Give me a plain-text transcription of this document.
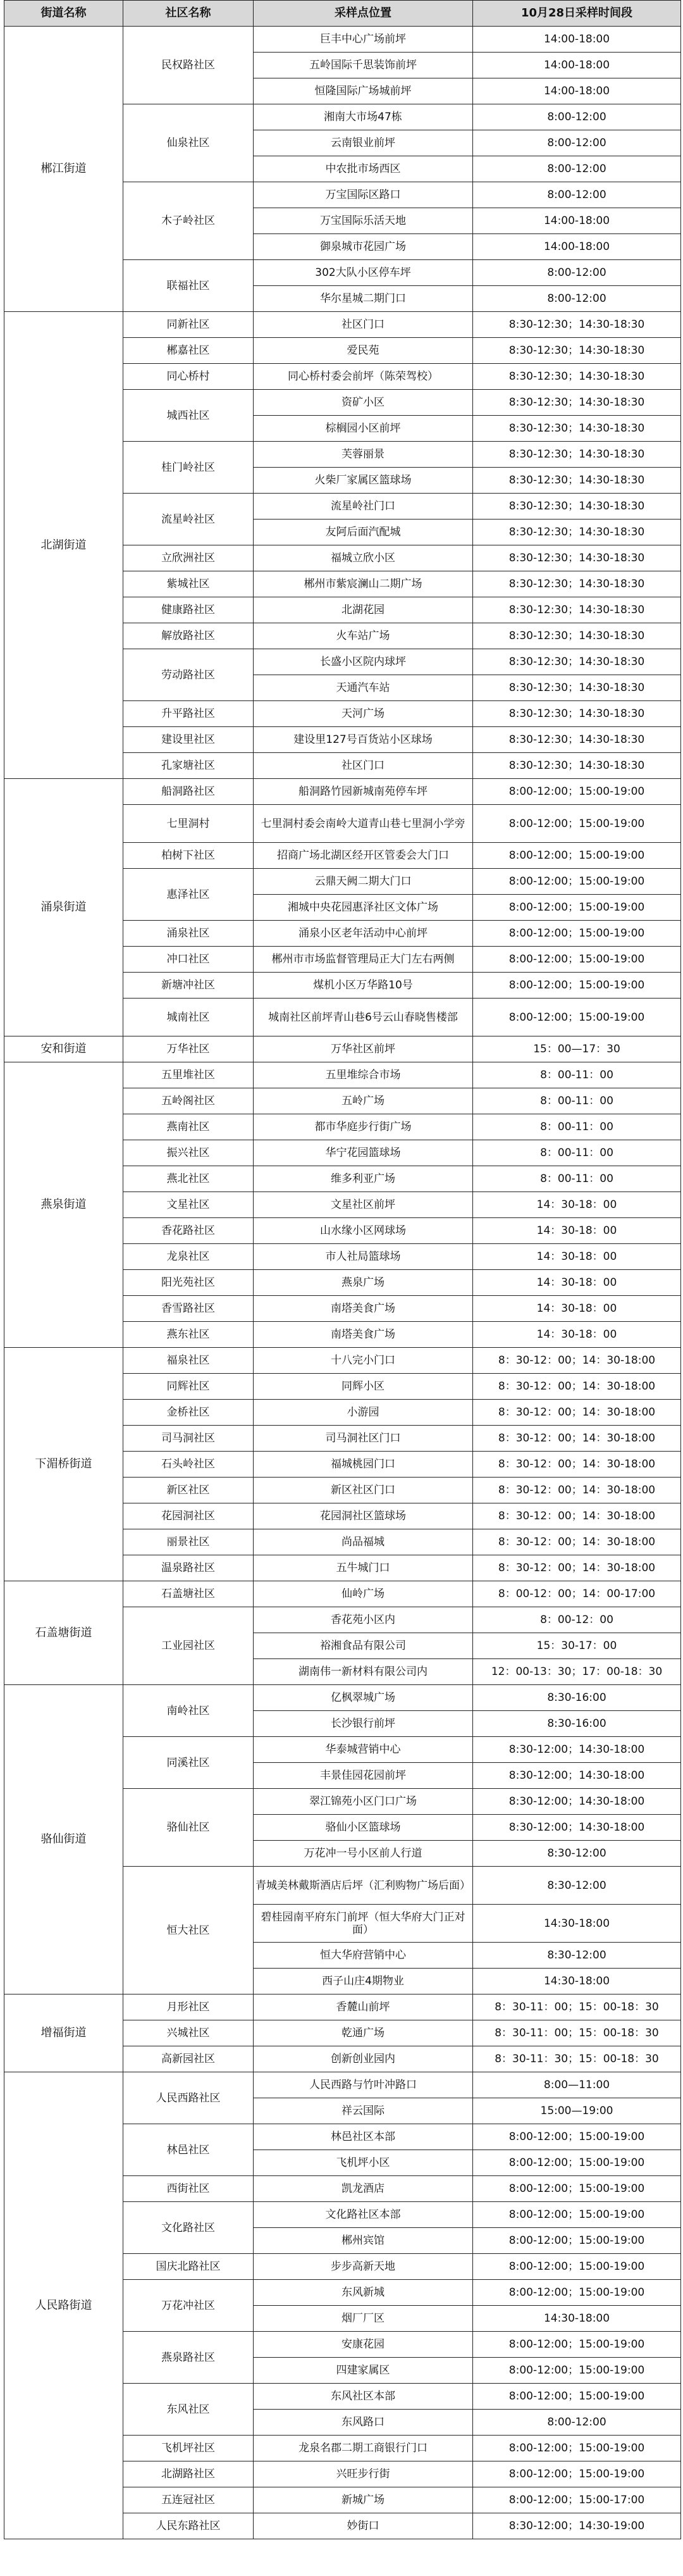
街道名称	社区名称	采样点位置	10月28日采样时间段
郴江街道	民权路社区	巨丰中心广场前坪	14:00-18:00
		五岭国际千思装饰前坪	14:00-18:00
		恒隆国际广场城前坪	14:00-18:00
	仙泉社区	湘南大市场47栋	8:00-12:00
		云南银业前坪	8:00-12:00
		中农批市场西区	8:00-12:00
	木子岭社区	万宝国际区路口	8:00-12:00
		万宝国际乐活天地	14:00-18:00
		御泉城市花园广场	14:00-18:00
	联福社区	302大队小区停车坪	8:00-12:00
		华尔星城二期门口	8:00-12:00
北湖街道	同新社区	社区门口	8:30-12:30；14:30-18:30
	郴嘉社区	爱民苑	8:30-12:30；14:30-18:30
	同心桥村	同心桥村委会前坪（陈荣驾校）	8:30-12:30；14:30-18:30
	城西社区	资矿小区	8:30-12:30；14:30-18:30
		棕榈园小区前坪	8:30-12:30；14:30-18:30
	桂门岭社区	芙蓉丽景	8:30-12:30；14:30-18:30
		火柴厂家属区篮球场	8:30-12:30；14:30-18:30
	流星岭社区	流星岭社门口	8:30-12:30；14:30-18:30
		友阿后面汽配城	8:30-12:30；14:30-18:30
	立欣洲社区	福城立欣小区	8:30-12:30；14:30-18:30
	紫城社区	郴州市紫宸澜山二期广场	8:30-12:30；14:30-18:30
	健康路社区	北湖花园	8:30-12:30；14:30-18:30
	解放路社区	火车站广场	8:30-12:30；14:30-18:30
	劳动路社区	长盛小区院内球坪	8:30-12:30；14:30-18:30
		天通汽车站	8:30-12:30；14:30-18:30
	升平路社区	天河广场	8:30-12:30；14:30-18:30
	建设里社区	建设里127号百货站小区球场	8:30-12:30；14:30-18:30
	孔家塘社区	社区门口	8:30-12:30；14:30-18:30
涌泉街道	船洞路社区	船洞路竹园新城南苑停车坪	8:00-12:00；15:00-19:00
	七里洞村	七里洞村委会南岭大道青山巷七里洞小学旁	8:00-12:00；15:00-19:00
	柏树下社区	招商广场北湖区经开区管委会大门口	8:00-12:00；15:00-19:00
	惠泽社区	云鼎天阙二期大门口	8:00-12:00；15:00-19:00
		湘城中央花园惠泽社区文体广场	8:00-12:00；15:00-19:00
	涌泉社区	涌泉小区老年活动中心前坪	8:00-12:00；15:00-19:00
	冲口社区	郴州市市场监督管理局正大门左右两侧	8:00-12:00；15:00-19:00
	新塘冲社区	煤机小区万华路10号	8:00-12:00；15:00-19:00
	城南社区	城南社区前坪青山巷6号云山春晓售楼部	8:00-12:00；15:00-19:00
安和街道	万华社区	万华社区前坪	15：00—17：30
燕泉街道	五里堆社区	五里堆综合市场	8：00-11：00
	五岭阁社区	五岭广场	8：00-11：00
	燕南社区	都市华庭步行街广场	8：00-11：00
	振兴社区	华宁花园篮球场	8：00-11：00
	燕北社区	维多利亚广场	8：00-11：00
	文星社区	文星社区前坪	14：30-18：00
	香花路社区	山水缘小区网球场	14：30-18：00
	龙泉社区	市人社局篮球场	14：30-18：00
	阳光苑社区	燕泉广场	14：30-18：00
	香雪路社区	南塔美食广场	14：30-18：00
	燕东社区	南塔美食广场	14：30-18：00
下湄桥街道	福泉社区	十八完小门口	8：30-12：00；14：30-18:00
	同辉社区	同辉小区	8：30-12：00；14：30-18:00
	金桥社区	小游园	8：30-12：00；14：30-18:00
	司马洞社区	司马洞社区门口	8：30-12：00；14：30-18:00
	石头岭社区	福城桃园门口	8：30-12：00；14：30-18:00
	新区社区	新区社区门口	8：30-12：00；14：30-18:00
	花园洞社区	花园洞社区篮球场	8：30-12：00；14：30-18:00
	丽景社区	尚品福城	8：30-12：00；14：30-18:00
	温泉路社区	五牛城门口	8：30-12：00；14：30-18:00
石盖塘街道	石盖塘社区	仙岭广场	8：00-12：00；14：00-17:00
	工业园社区	香花苑小区内	8：00-12：00
		裕湘食品有限公司	15：30-17：00
		湖南伟一新材料有限公司内	12：00-13：30；17：00-18：30
骆仙街道	南岭社区	亿枫翠城广场	8:30-16:00
		长沙银行前坪	8:30-16:00
	同溪社区	华泰城营销中心	8:30-12:00；14:30-18:00
		丰景佳园花园前坪	8:30-12:00；14:30-18:00
	骆仙社区	翠江锦苑小区门口广场	8:30-12:00；14:30-18:00
		骆仙小区篮球场	8:30-12:00；14:30-18:00
		万花冲一号小区前人行道	8:30-12:00
	恒大社区	青城美林戴斯酒店后坪（汇利购物广场后面）	8:30-12:00
		碧桂园南平府东门前坪（恒大华府大门正对面）	14:30-18:00
		恒大华府营销中心	8:30-12:00
		西子山庄4期物业	14:30-18:00
增福街道	月形社区	香麓山前坪	8：30-11：00；15：00-18：30
	兴城社区	乾通广场	8：30-11：00；15：00-18：30
	高新园社区	创新创业园内	8：30-11：30；15：00-18：30
人民路街道	人民西路社区	人民西路与竹叶冲路口	8:00—11:00
		祥云国际	15:00—19:00
	林邑社区	林邑社区本部	8:00-12:00；15:00-19:00
		飞机坪小区	8:00-12:00；15:00-19:00
	西街社区	凯龙酒店	8:00-12:00；15:00-19:00
	文化路社区	文化路社区本部	8:00-12:00；15:00-19:00
		郴州宾馆	8:00-12:00；15:00-19:00
	国庆北路社区	步步高新天地	8:00-12:00；15:00-19:00
	万花冲社区	东风新城	8:00-12:00；15:00-19:00
		烟厂厂区	14:30-18:00
	燕泉路社区	安康花园	8:00-12:00；15:00-19:00
		四建家属区	8:00-12:00；15:00-19:00
	东风社区	东风社区本部	8:00-12:00；15:00-19:00
		东风路口	8:00-12:00
	飞机坪社区	龙泉名郡二期工商银行门口	8:00-12:00；15:00-19:00
	北湖路社区	兴旺步行街	8:00-12:00；15:00-19:00
	五连冠社区	新城广场	8:00-12:00；15:00-17:00
	人民东路社区	妙街口	8:30-12:00；14:30-19:00
